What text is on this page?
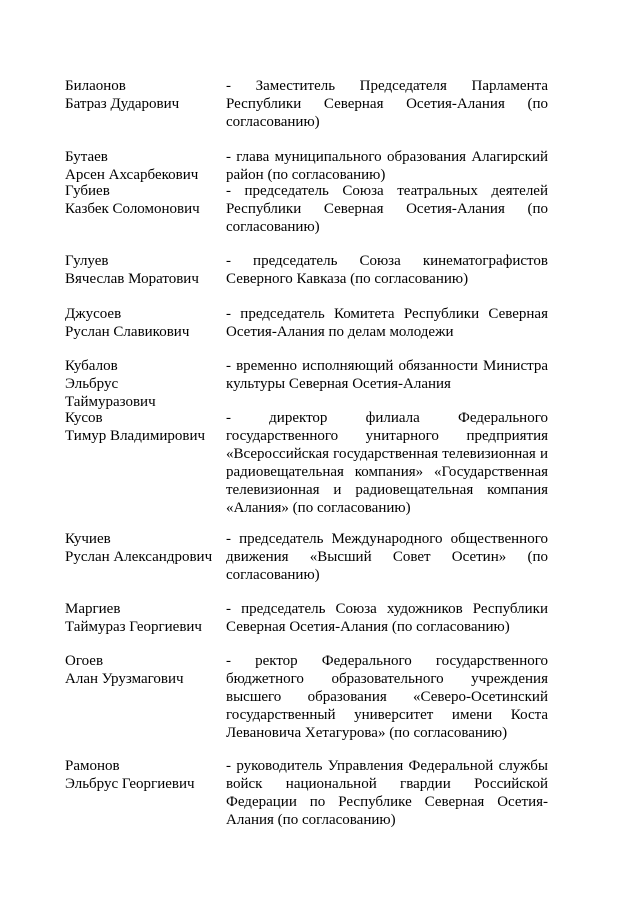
Билаонов
Батраз Дударович
- Заместитель Председателя Парламента Республики Северная Осетия-Алания (по согласованию)
Бутаев
Арсен Ахсарбекович
- глава муниципального образования Алагирский район (по согласованию)
Губиев
Казбек Соломонович
- председатель Союза театральных деятелей Республики Северная Осетия-Алания (по согласованию)
Гулуев
Вячеслав Моратович
- председатель Союза кинематографистов Северного Кавказа (по согласованию)
Джусоев
Руслан Славикович
- председатель Комитета Республики Северная Осетия-Алания по делам молодежи
Кубалов
Эльбрус
Таймуразович
- временно исполняющий обязанности Министра культуры Северная Осетия-Алания
Кусов
Тимур Владимирович
- директор филиала Федерального государственного унитарного предприятия «Всероссийская государственная телевизионная и радиовещательная компания» «Государственная телевизионная и радиовещательная компания «Алания» (по согласованию)
Кучиев
Руслан Александрович
- председатель Международного общественного движения «Высший Совет Осетин» (по согласованию)
Маргиев
Таймураз Георгиевич
- председатель Союза художников Республики Северная Осетия-Алания (по согласованию)
Огоев
Алан Урузмагович
- ректор Федерального государственного бюджетного образовательного учреждения высшего образования «Северо-Осетинский государственный университет имени Коста Левановича Хетагурова» (по согласованию)
Рамонов
Эльбрус Георгиевич
- руководитель Управления Федеральной службы войск национальной гвардии Российской Федерации по Республике Северная Осетия-Алания (по согласованию)
